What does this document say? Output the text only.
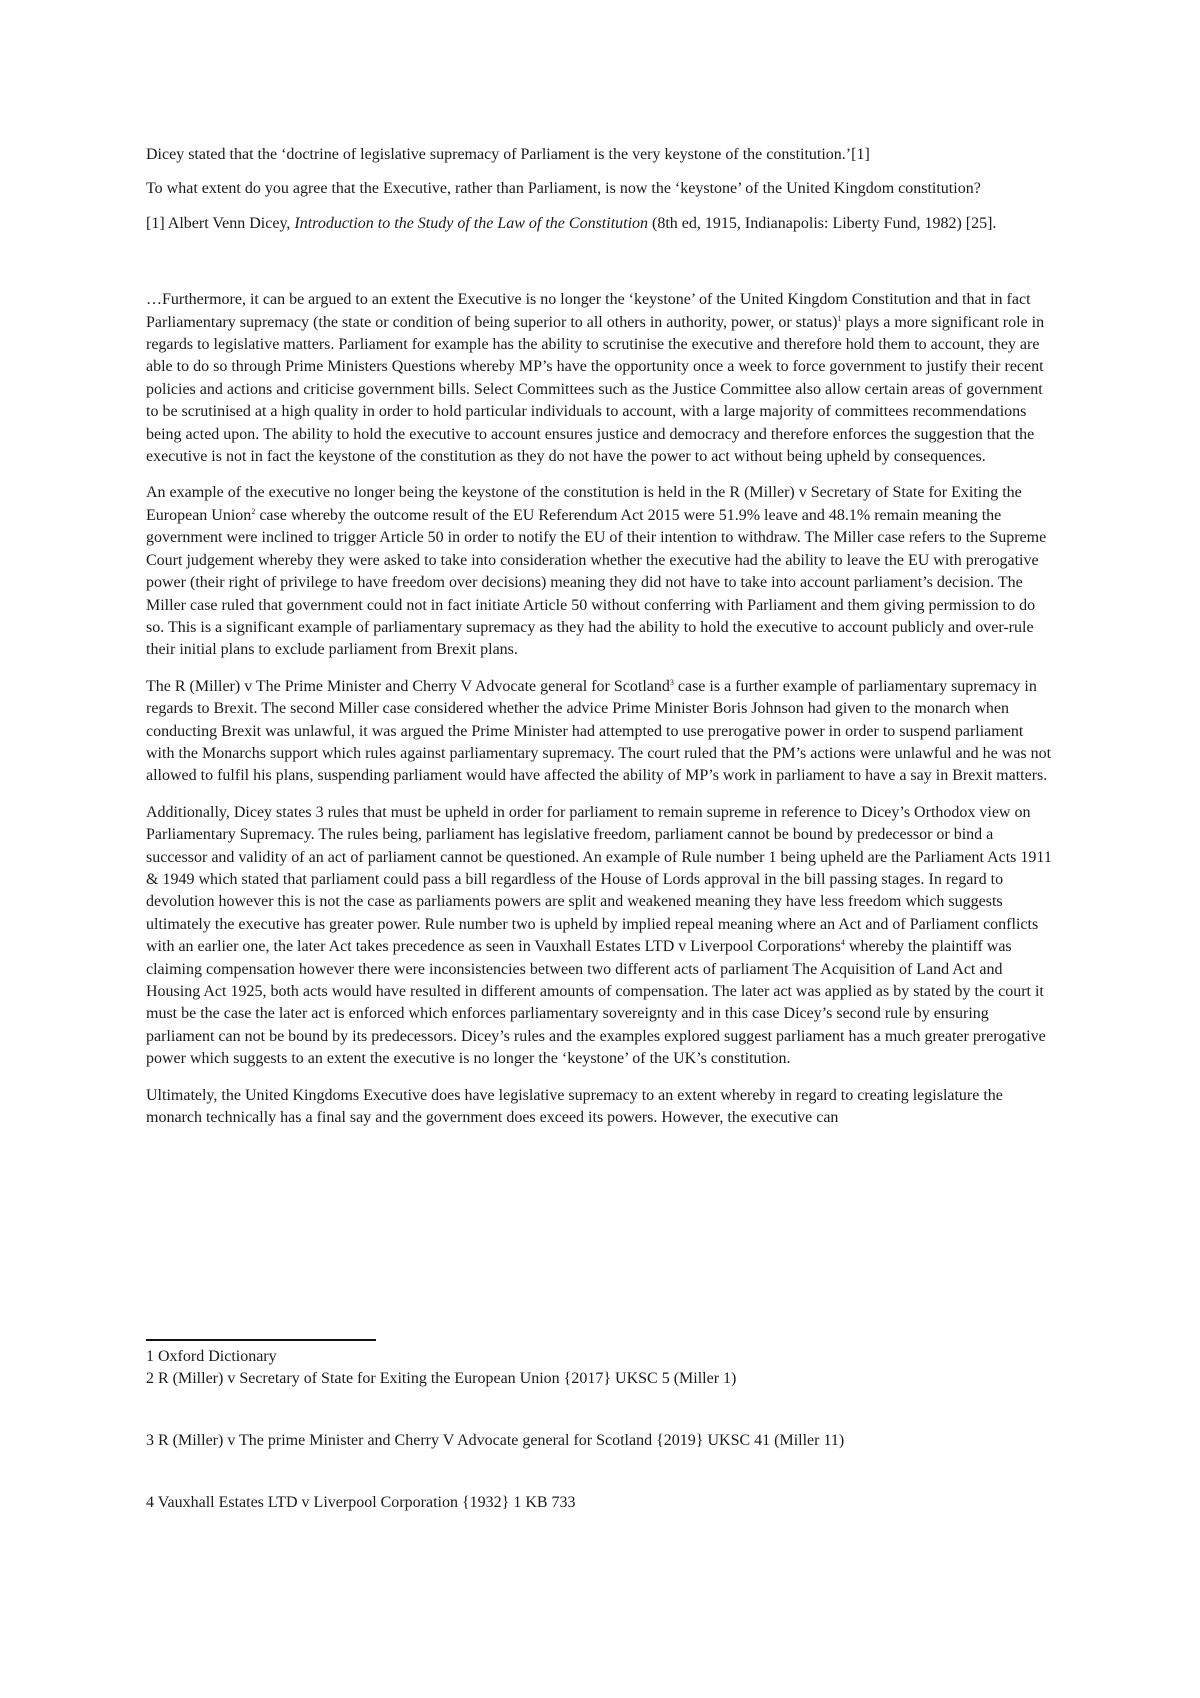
Dicey stated that the ‘doctrine of legislative supremacy of Parliament is the very keystone of the constitution.’[1]

To what extent do you agree that the Executive, rather than Parliament, is now the ‘keystone’ of the United Kingdom constitution?

[1] Albert Venn Dicey, Introduction to the Study of the Law of the Constitution (8th ed, 1915, Indianapolis: Liberty Fund, 1982) [25].

…Furthermore, it can be argued to an extent the Executive is no longer the ‘keystone’ of the United Kingdom Constitution and that in fact Parliamentary supremacy (the state or condition of being superior to all others in authority, power, or status)$^1$ plays a more significant role in regards to legislative matters. Parliament for example has the ability to scrutinise the executive and therefore hold them to account, they are able to do so through Prime Ministers Questions whereby MP’s have the opportunity once a week to force government to justify their recent policies and actions and criticise government bills. Select Committees such as the Justice Committee also allow certain areas of government to be scrutinised at a high quality in order to hold particular individuals to account, with a large majority of committees recommendations being acted upon. The ability to hold the executive to account ensures justice and democracy and therefore enforces the suggestion that the executive is not in fact the keystone of the constitution as they do not have the power to act without being upheld by consequences.

An example of the executive no longer being the keystone of the constitution is held in the R (Miller) v Secretary of State for Exiting the European Union$^2$ case whereby the outcome result of the EU Referendum Act 2015 were 51.9% leave and 48.1% remain meaning the government were inclined to trigger Article 50 in order to notify the EU of their intention to withdraw. The Miller case refers to the Supreme Court judgement whereby they were asked to take into consideration whether the executive had the ability to leave the EU with prerogative power (their right of privilege to have freedom over decisions) meaning they did not have to take into account parliament’s decision. The Miller case ruled that government could not in fact initiate Article 50 without conferring with Parliament and them giving permission to do so. This is a significant example of parliamentary supremacy as they had the ability to hold the executive to account publicly and over-rule their initial plans to exclude parliament from Brexit plans.

The R (Miller) v The Prime Minister and Cherry V Advocate general for Scotland$^3$ case is a further example of parliamentary supremacy in regards to Brexit. The second Miller case considered whether the advice Prime Minister Boris Johnson had given to the monarch when conducting Brexit was unlawful, it was argued the Prime Minister had attempted to use prerogative power in order to suspend parliament with the Monarchs support which rules against parliamentary supremacy. The court ruled that the PM’s actions were unlawful and he was not allowed to fulfil his plans, suspending parliament would have affected the ability of MP’s work in parliament to have a say in Brexit matters.

Additionally, Dicey states 3 rules that must be upheld in order for parliament to remain supreme in reference to Dicey’s Orthodox view on Parliamentary Supremacy. The rules being, parliament has legislative freedom, parliament cannot be bound by predecessor or bind a successor and validity of an act of parliament cannot be questioned. An example of Rule number 1 being upheld are the Parliament Acts 1911 & 1949 which stated that parliament could pass a bill regardless of the House of Lords approval in the bill passing stages. In regard to devolution however this is not the case as parliaments powers are split and weakened meaning they have less freedom which suggests ultimately the executive has greater power. Rule number two is upheld by implied repeal meaning where an Act and of Parliament conflicts with an earlier one, the later Act takes precedence as seen in Vauxhall Estates LTD v Liverpool Corporations$^4$ whereby the plaintiff was claiming compensation however there were inconsistencies between two different acts of parliament The Acquisition of Land Act and Housing Act 1925, both acts would have resulted in different amounts of compensation. The later act was applied as by stated by the court it must be the case the later act is enforced which enforces parliamentary sovereignty and in this case Dicey’s second rule by ensuring parliament can not be bound by its predecessors. Dicey’s rules and the examples explored suggest parliament has a much greater prerogative power which suggests to an extent the executive is no longer the ‘keystone’ of the UK’s constitution.

Ultimately, the United Kingdoms Executive does have legislative supremacy to an extent whereby in regard to creating legislature the monarch technically has a final say and the government does exceed its powers. However, the executive can

1 Oxford Dictionary

2 R (Miller) v Secretary of State for Exiting the European Union {2017} UKSC 5 (Miller 1)

3 R (Miller) v The prime Minister and Cherry V Advocate general for Scotland {2019} UKSC 41 (Miller 11)

4 Vauxhall Estates LTD v Liverpool Corporation {1932} 1 KB 733
